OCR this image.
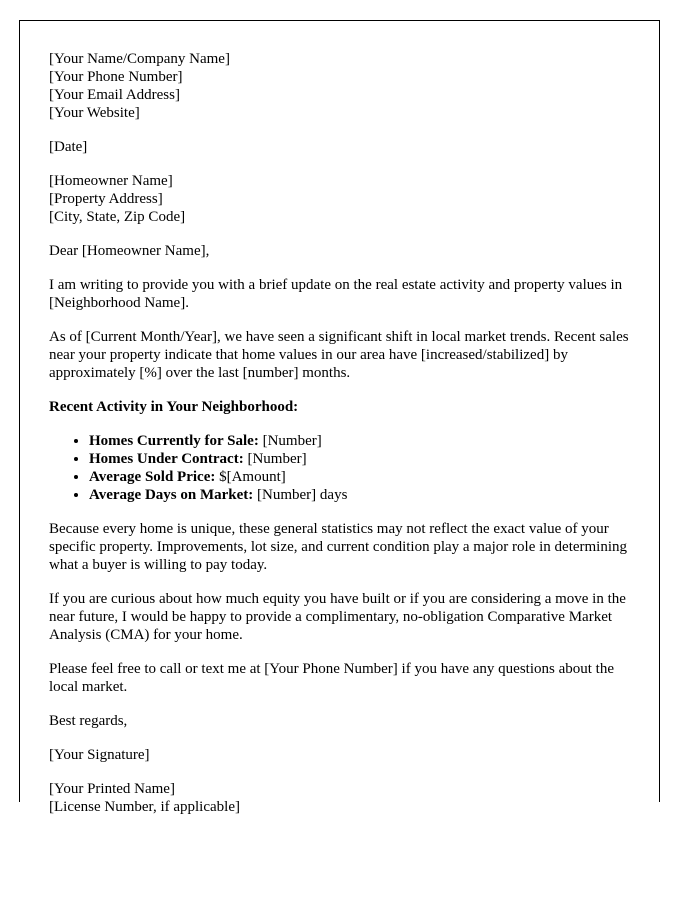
[Your Name/Company Name]
[Your Phone Number]
[Your Email Address]
[Your Website]
[Date]
[Homeowner Name]
[Property Address]
[City, State, Zip Code]

Dear [Homeowner Name],

I am writing to provide you with a brief update on the real estate activity and property values in [Neighborhood Name].

As of [Current Month/Year], we have seen a significant shift in local market trends. Recent sales near your property indicate that home values in our area have [increased/stabilized] by approximately [%] over the last [number] months.

Recent Activity in Your Neighborhood:
• Homes Currently for Sale: [Number]
• Homes Under Contract: [Number]
• Average Sold Price: $[Amount]
• Average Days on Market: [Number] days

Because every home is unique, these general statistics may not reflect the exact value of your specific property. Improvements, lot size, and current condition play a major role in determining what a buyer is willing to pay today.

If you are curious about how much equity you have built or if you are considering a move in the near future, I would be happy to provide a complimentary, no-obligation Comparative Market Analysis (CMA) for your home.

Please feel free to call or text me at [Your Phone Number] if you have any questions about the local market.

Best regards,

[Your Signature]

[Your Printed Name]
[License Number, if applicable]
